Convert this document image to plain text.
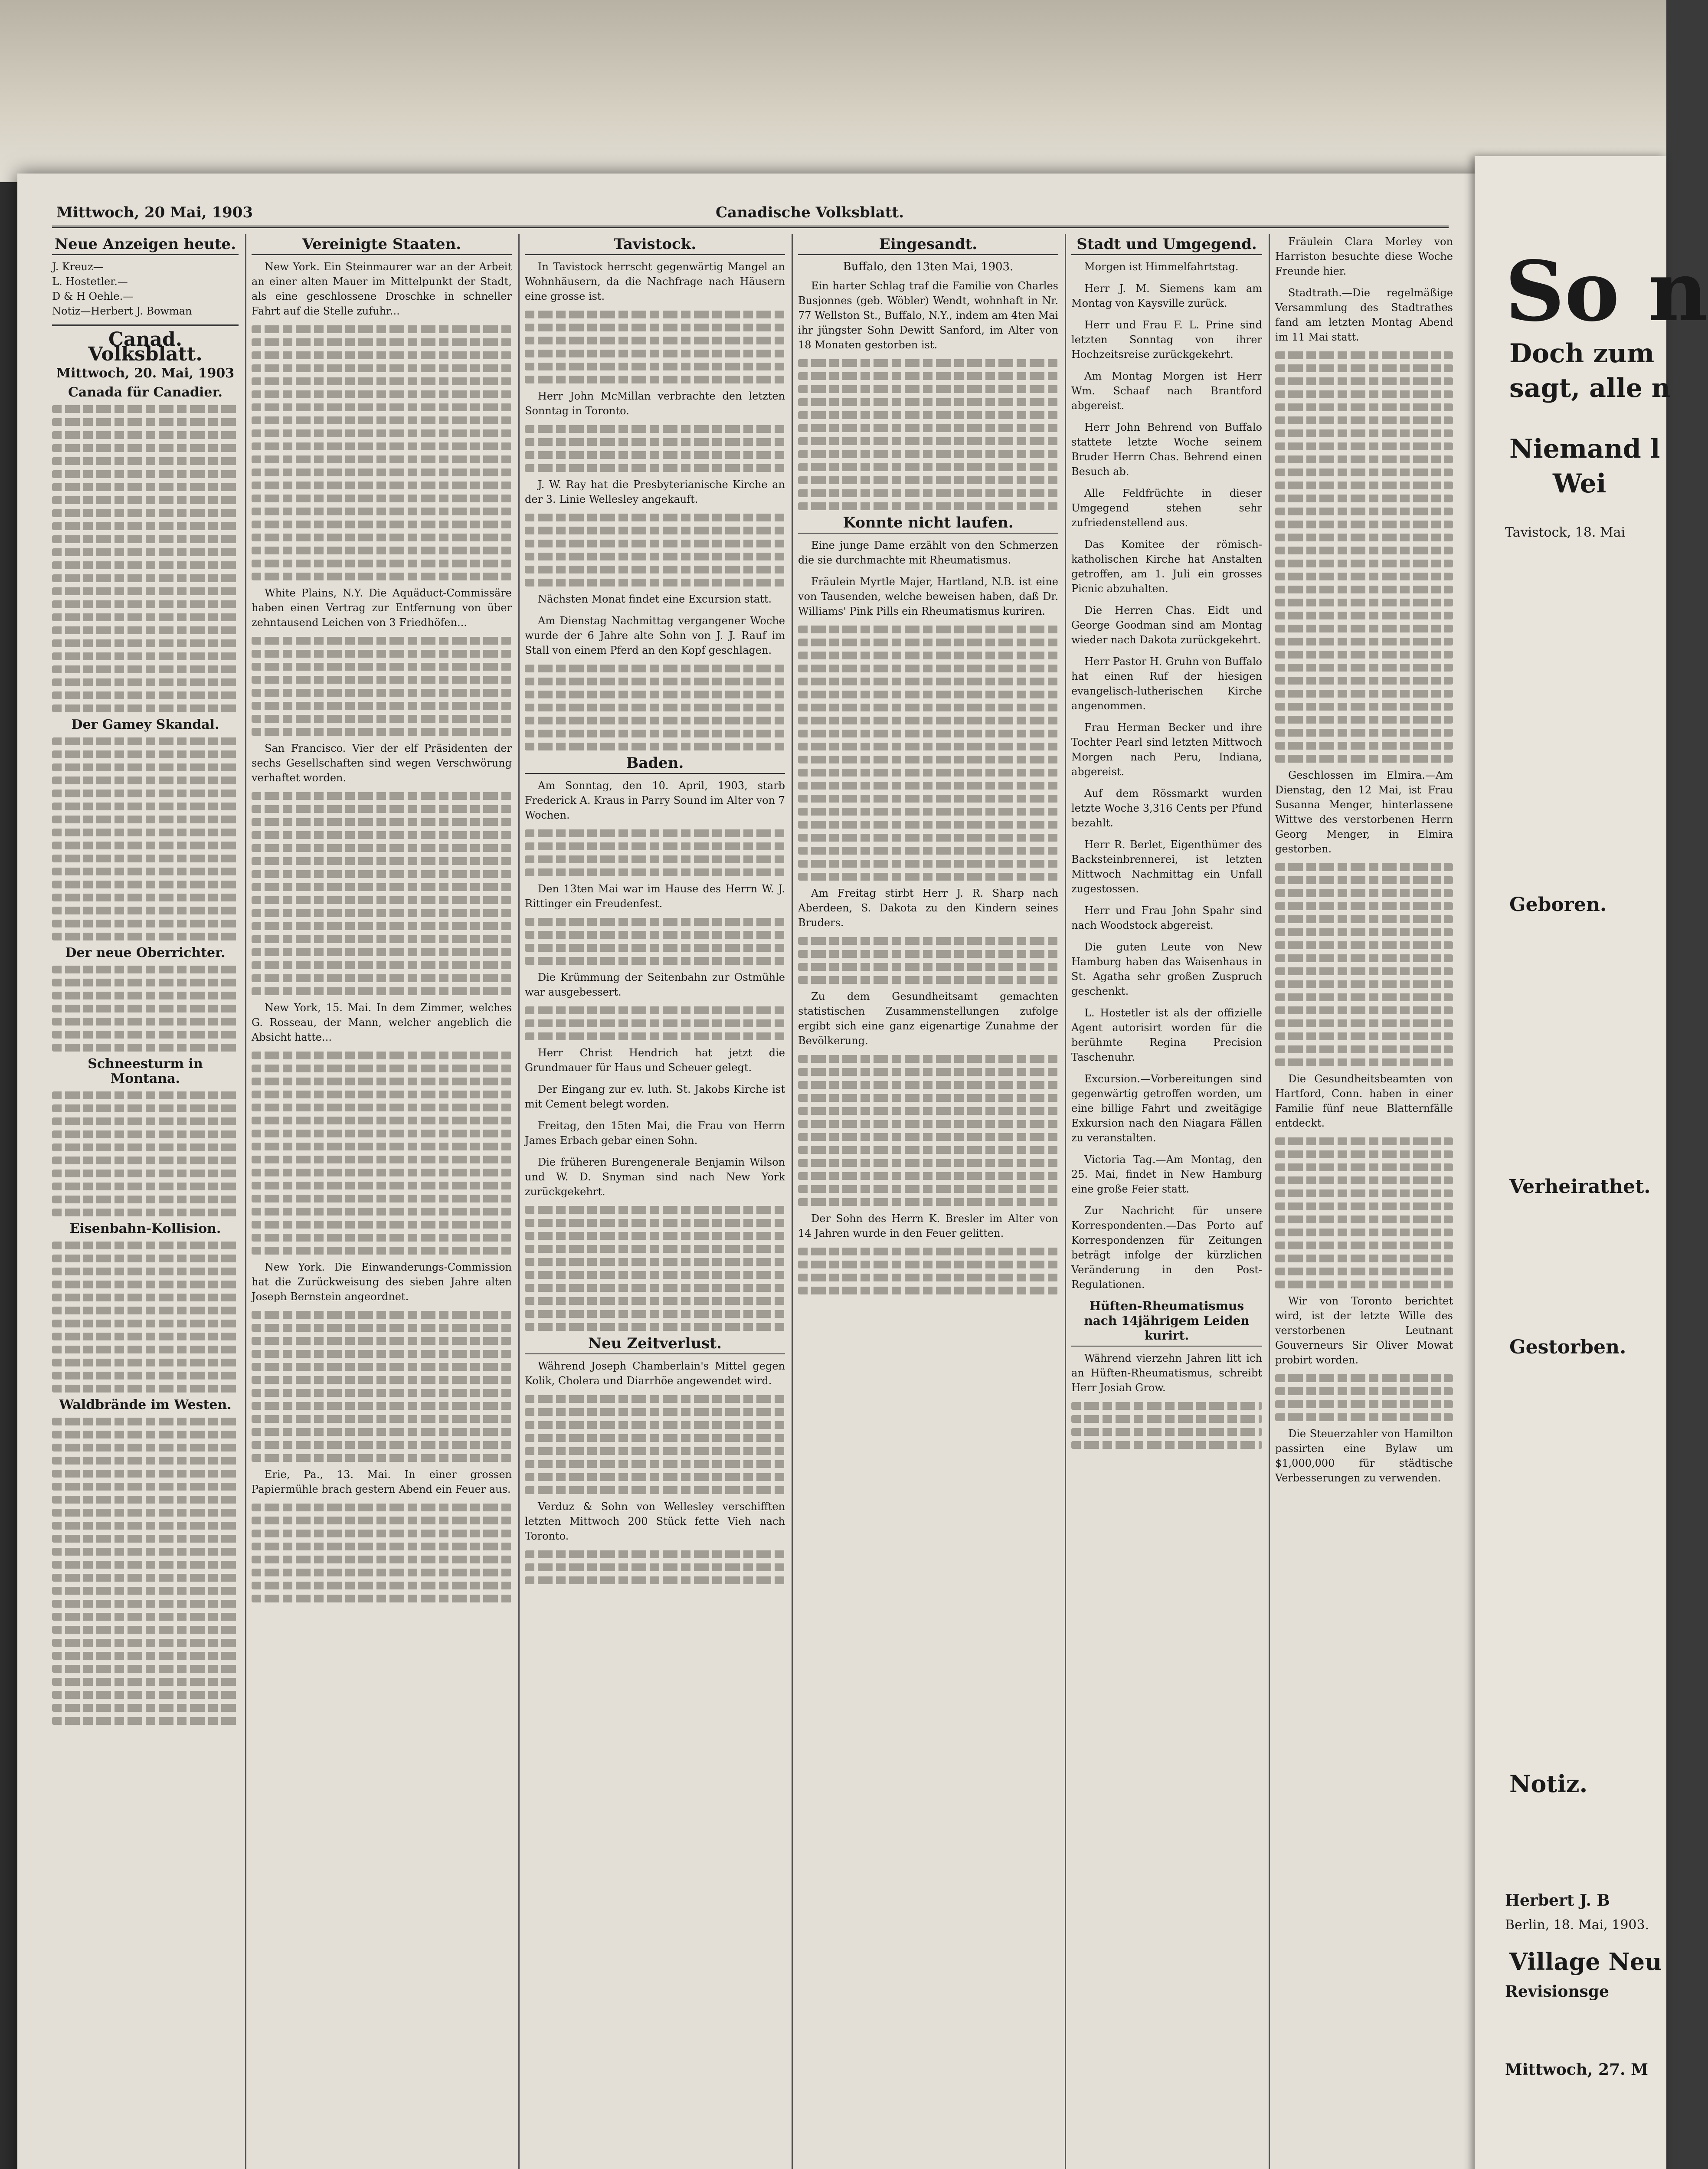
Mittwoch, 20 Mai, 1903	Canadische Volksblatt.
Neue Anzeigen heute.
J. Kreuz—
L. Hostetler.—
D & H Oehle.—
Notiz—Herbert J. Bowman
Canad. Volksblatt.
Mittwoch, 20. Mai, 1903
Canada für Canadier.
Der Gamey Skandal.
Der neue Oberrichter.
Schneesturm in Montana.
Eisenbahn-Kollision.
Waldbrände im Westen.
Vereinigte Staaten.

New York. Ein Steinmaurer war an der Arbeit an einer alten Mauer im Mittelpunkt der Stadt, als eine geschlossene Droschke in schneller Fahrt auf die Stelle zufuhr...

White Plains, N.Y. Die Aquäduct-Commissäre haben einen Vertrag zur Entfernung von über zehntausend Leichen von 3 Friedhöfen...

San Francisco. Vier der elf Präsidenten der sechs Gesellschaften sind wegen Verschwörung verhaftet worden.

New York, 15. Mai. In dem Zimmer, welches G. Rosseau, der Mann, welcher angeblich die Absicht hatte...

New York. Die Einwanderungs-Commission hat die Zurückweisung des sieben Jahre alten Joseph Bernstein angeordnet.

Erie, Pa., 13. Mai. In einer grossen Papiermühle brach gestern Abend ein Feuer aus.

Tavistock.

In Tavistock herrscht gegenwärtig Mangel an Wohnhäusern, da die Nachfrage nach Häusern eine grosse ist.

Herr John McMillan verbrachte den letzten Sonntag in Toronto.

J. W. Ray hat die Presbyterianische Kirche an der 3. Linie Wellesley angekauft.

Nächsten Monat findet eine Excursion statt.

Am Dienstag Nachmittag vergangener Woche wurde der 6 Jahre alte Sohn von J. J. Rauf im Stall von einem Pferd an den Kopf geschlagen.

Baden.

Am Sonntag, den 10. April, 1903, starb Frederick A. Kraus in Parry Sound im Alter von 7 Wochen.

Den 13ten Mai war im Hause des Herrn W. J. Rittinger ein Freudenfest.

Die Krümmung der Seitenbahn zur Ostmühle war ausgebessert.

Herr Christ Hendrich hat jetzt die Grundmauer für Haus und Scheuer gelegt.

Der Eingang zur ev. luth. St. Jakobs Kirche ist mit Cement belegt worden.

Freitag, den 15ten Mai, die Frau von Herrn James Erbach gebar einen Sohn.

Die früheren Burengenerale Benjamin Wilson und W. D. Snyman sind nach New York zurückgekehrt.

Neu Zeitverlust.

Während Joseph Chamberlain's Mittel gegen Kolik, Cholera und Diarrhöe angewendet wird.

Verduz & Sohn von Wellesley verschifften letzten Mittwoch 200 Stück fette Vieh nach Toronto.

Eingesandt.
Buffalo, den 13ten Mai, 1903.

Ein harter Schlag traf die Familie von Charles Busjonnes (geb. Wöbler) Wendt, wohnhaft in Nr. 77 Wellston St., Buffalo, N.Y., indem am 4ten Mai ihr jüngster Sohn Dewitt Sanford, im Alter von 18 Monaten gestorben ist.

Konnte nicht laufen.

Eine junge Dame erzählt von den Schmerzen die sie durchmachte mit Rheumatismus.

Fräulein Myrtle Majer, Hartland, N.B. ist eine von Tausenden, welche beweisen haben, daß Dr. Williams' Pink Pills ein Rheumatismus kuriren.

Am Freitag stirbt Herr J. R. Sharp nach Aberdeen, S. Dakota zu den Kindern seines Bruders.

Zu dem Gesundheitsamt gemachten statistischen Zusammenstellungen zufolge ergibt sich eine ganz eigenartige Zunahme der Bevölkerung.

Der Sohn des Herrn K. Bresler im Alter von 14 Jahren wurde in den Feuer gelitten.

Stadt und Umgegend.

Morgen ist Himmelfahrtstag.

Herr J. M. Siemens kam am Montag von Kaysville zurück.

Herr und Frau F. L. Prine sind letzten Sonntag von ihrer Hochzeitsreise zurückgekehrt.

Am Montag Morgen ist Herr Wm. Schaaf nach Brantford abgereist.

Herr John Behrend von Buffalo stattete letzte Woche seinem Bruder Herrn Chas. Behrend einen Besuch ab.

Alle Feldfrüchte in dieser Umgegend stehen sehr zufriedenstellend aus.

Das Komitee der römisch-katholischen Kirche hat Anstalten getroffen, am 1. Juli ein grosses Picnic abzuhalten.

Die Herren Chas. Eidt und George Goodman sind am Montag wieder nach Dakota zurückgekehrt.

Herr Pastor H. Gruhn von Buffalo hat einen Ruf der hiesigen evangelisch-lutherischen Kirche angenommen.

Frau Herman Becker und ihre Tochter Pearl sind letzten Mittwoch Morgen nach Peru, Indiana, abgereist.

Auf dem Rössmarkt wurden letzte Woche 3,316 Cents per Pfund bezahlt.

Herr R. Berlet, Eigenthümer des Backsteinbrennerei, ist letzten Mittwoch Nachmittag ein Unfall zugestossen.

Herr und Frau John Spahr sind nach Woodstock abgereist.

Die guten Leute von New Hamburg haben das Waisenhaus in St. Agatha sehr großen Zuspruch geschenkt.

L. Hostetler ist als der offizielle Agent autorisirt worden für die berühmte Regina Precision Taschenuhr.

Excursion.—Vorbereitungen sind gegenwärtig getroffen worden, um eine billige Fahrt und zweitägige Exkursion nach den Niagara Fällen zu veranstalten.

Victoria Tag.—Am Montag, den 25. Mai, findet in New Hamburg eine große Feier statt.

Zur Nachricht für unsere Korrespondenten.—Das Porto auf Korrespondenzen für Zeitungen beträgt infolge der kürzlichen Veränderung in den Post-Regulationen.

Hüften-Rheumatismus nach 14jährigem Leiden kurirt.

Während vierzehn Jahren litt ich an Hüften-Rheumatismus, schreibt Herr Josiah Grow.

Fräulein Clara Morley von Harriston besuchte diese Woche Freunde hier.

Stadtrath.—Die regelmäßige Versammlung des Stadtrathes fand am letzten Montag Abend im 11 Mai statt.

Geschlossen im Elmira.—Am Dienstag, den 12 Mai, ist Frau Susanna Menger, hinterlassene Wittwe des verstorbenen Herrn Georg Menger, in Elmira gestorben.

Die Gesundheitsbeamten von Hartford, Conn. haben in einer Familie fünf neue Blatternfälle entdeckt.

Wir von Toronto berichtet wird, ist der letzte Wille des verstorbenen Leutnant Gouverneurs Sir Oliver Mowat probirt worden.

Die Steuerzahler von Hamilton passirten eine Bylaw um $1,000,000 für städtische Verbesserungen zu verwenden.

So n
Doch zum
sagt, alle n
Niemand l
Wei
Tavistock, 18. Mai
Geboren.
Verheirathet.
Gestorben.
Notiz.
Herbert J. B
Berlin, 18. Mai, 1903.
Village Neu
Revisionsge
Mittwoch, 27. M
